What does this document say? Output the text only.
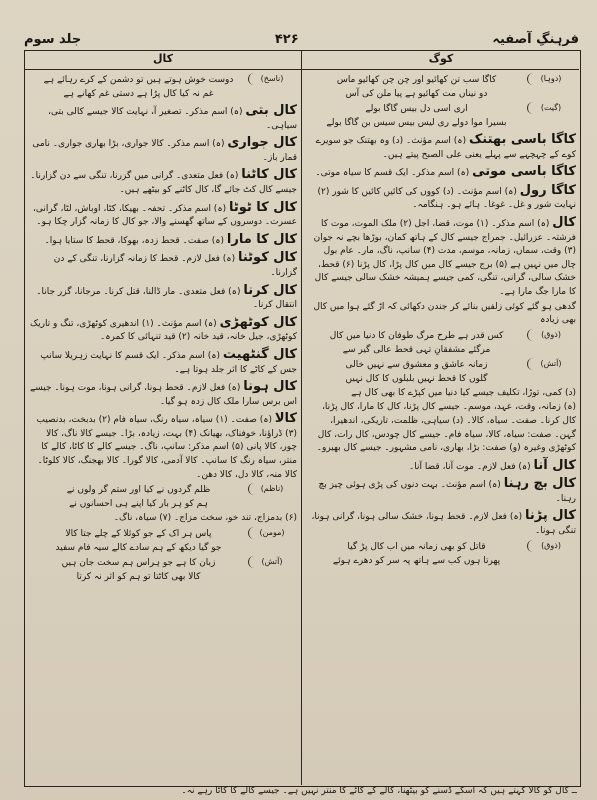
فرہنگِ آصفیہ
۴۲۶
جلد سوم
کوگ
کال
(دوہا)
کاگا سب تن کھائیو اور چن چن کھائیو ماس
دو نیناں مت کھائیو ہے پیا ملن کی آس
(گیت)
اری اسی دل بیس گاگا بولے
بسیرا موا دولے ری لیس بیس سیس بن گاگا بولے
کاگا باسی بھتنک (ہ) اسم مؤنث۔ (د) وہ بھتنک جو سویرے کوے کے چہچہے سے پہلے یعنی علی الصبح پیتے ہیں۔
کاگا باسی موتی (ہ) اسم مذکر۔ ایک قسم کا سیاہ موتی۔
کاگا رول (ہ) اسم مؤنث۔ (د) کووں کی کائیں کائیں کا شور (۲) نہایت شور و غل۔ غوغا۔ ہائے ہو۔ ہنگامہ۔
کال (ہ) اسم مذکر۔ (۱) موت، قضا، اجل (۲) ملک الموت، موت کا فرشتہ۔ عزرائیل۔ جمراج جیسے کال کے ہاتھ کمان، بوڑھا بچے نہ جوان (۳) وقت، سماں، زمانہ، موسم، مدت (۴) سانپ، ناگ، مار۔ عام بول چال میں نہیں ہے (۵) برج جیسے کال میں کال پڑا، کال پڑنا (۶) قحط، خشک سالی، گرانی، تنگی، کمی جیسے ہمیشہ خشک سالی جیسے کال کا مارا جگ مارا ہے۔
گدھی ہو گئے کوئی زلفیں بنائے کر جندن دکھائی کہ اڑ گئے ہوا میں کال بھی زیادہ
(ذوق)
کس قدر ہے طرح مرگ طوفان کا دنیا میں کال
مرگئے مشفقانِ تہی قحط عالی گیر سے
(آتش)
زمانہ عاشق و معشوق سے نہیں خالی
گلوں کا قحط نہیں بلبلوں کا کال نہیں
(د) کمی، توڑا، تکلیف جیسے کیا دنیا میں کپڑے کا بھی کال ہے
(ہ) زمانہ، وقت، عہد، موسم۔ جیسے کال پڑنا، کال کا مارا، کال پڑنا، کال کرنا۔ صفت۔ سیاہ، کالا۔ (د) سیاہی، ظلمت، تاریکی، اندھیرا، گہن۔ صفت: سیاہ، کالا، سیاہ فام۔ جیسے کال چودس، کال رات، کال کوٹھڑی وغیرہ (و) صفت: بڑا، بھاری، نامی مشہور۔ جیسے کال بھیرو۔
کال آنا (ہ) فعل لازم۔ موت آنا، قضا آنا۔
کال بچ رہنا (ہ) اسم مؤنث۔ بہت دنوں کی پڑی ہوئی چیز بچ رہنا۔
کال پڑنا (ہ) فعل لازم۔ قحط ہونا، خشک سالی ہونا، گرانی ہونا، تنگی ہونا۔
(ذوق)
قاتل کو بھی زمانہ میں اب کال پڑ گیا
پھرتا ہوں کب سے ہاتھ پہ سر کو دھرے ہوئے
(ناسخ)
دوست خوش ہوتے ہیں تو دشمن کے کرے رہائے ہے
غم نہ کیا کال پڑا ہے دستی غم کھانے ہے
کال بتی (ہ) اسم مذکر۔ تصغیر آ، نہایت کالا جیسے کالی بتی، سیاہی۔
کال جواری (ہ) اسم مذکر۔ کالا جواری، بڑا بھاری جواری۔ نامی قمار باز۔
کال کاٹنا (ہ) فعل متعدی۔ گرانی میں گزرنا، تنگی سے دن گزارنا۔ جیسے کال کٹ جائے گا، کال کاٹنے کو بیٹھے ہیں۔
کال کا ٹوٹا (ہ) اسم مذکر۔ تحفہ۔ بھیکا، کٹا، اوباش، لٹا، گرانی، عسرت۔ دوسروں کے ساتھ گھسنے والا، جو کال کا زمانہ گزار چکا ہو۔
کال کا مارا (ہ) صفت۔ قحط زدہ، بھوکا، قحط کا ستایا ہوا۔
کال کوٹنا (ہ) فعل لازم۔ قحط کا زمانہ گزارنا، تنگی کے دن گزارنا۔
کال کرنا (ہ) فعل متعدی۔ مار ڈالنا، قتل کرنا۔ مرجانا، گزر جانا۔ انتقال کرنا۔
کال کوٹھڑی (ہ) اسم مؤنث۔ (۱) اندھیری کوٹھڑی، تنگ و تاریک کوٹھڑی، جیل خانہ، قید خانہ (۲) قید تنہائی کا کمرہ۔
کال گنٹھیت (ہ) اسم مذکر۔ ایک قسم کا نہایت زہریلا سانپ جس کے کاٹے کا اثر جلد ہوتا ہے۔
کال ہونا (ہ) فعل لازم۔ قحط ہونا، گرانی ہونا، موت ہونا۔ جیسے اس برس سارا ملک کال زدہ ہو گیا۔
کالا (ہ) صفت۔ (۱) سیاہ، سیاہ رنگ، سیاہ فام (۲) بدبخت، بدنصیب (۳) ڈراؤنا، خوفناک، بھیانک (۴) بہت، زیادہ، بڑا۔ جیسے کالا ناگ، کالا چور، کالا پانی (۵) اسم مذکر: سانپ، ناگ۔ جیسے کالے کا کاٹا، کالے کا منتر، سیاہ رنگ کا سانپ۔ کالا آدمی، کالا گورا۔ کالا بھجنگ، کالا کلوٹا۔ کالا منہ، کالا دل، کالا دھن۔
(ناظم)
ظلم گردوں نے کیا اور ستم گر ولوں نے
ہم کو ہر بار کیا اپنے ہی احسانوں نے
(۶) بدمزاج، تند خو، سخت مزاج۔ (۷) سیاہ، ناگ۔
(مومن)
پاس ہر اک کے جو کوئلا کے چلے جتا کالا
جو گیا دیکھ کے ہم سادے کالے سیہ فام سفید
(آتش)
زبان کا ہے جو ہراس ہم سخت جان ہیں
کالا بھی کاٹتا تو ہم کو اثر نہ کرتا
ــ کال کو کالا کہتے ہیں کہ اسکے ڈسنے کو بیٹھنا، کالے کے کاٹے کا منتر نہیں ہے۔ جیسے کالے کا کاٹا رہے نہ۔
